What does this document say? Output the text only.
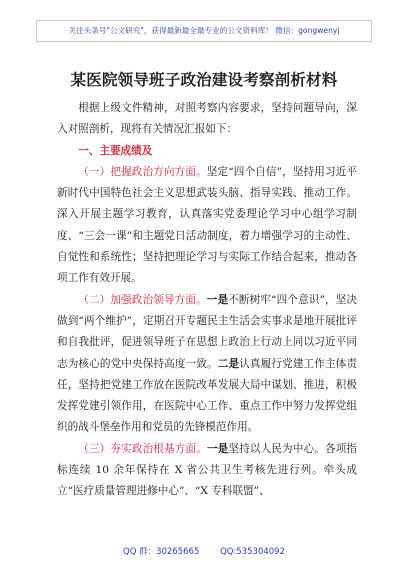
关注头条号"公文研究"，获得最新最全最专业的公文资料库！ 微信：gongwenyj
某医院领导班子政治建设考察剖析材料

根据上级文件精神，对照考察内容要求，坚持问题导向，深入对照剖析，现将有关情况汇报如下：

一、主要成绩及

（一）把握政治方向方面。坚定“四个自信”，坚持用习近平新时代中国特色社会主义思想武装头脑、指导实践、推动工作。深入开展主题学习教育，认真落实党委理论学习中心组学习制度、“三会一课”和主题党日活动制度，着力增强学习的主动性、自觉性和系统性；坚持把理论学习与实际工作结合起来，推动各项工作有效开展。

（二）加强政治领导方面。一是不断树牢“四个意识”，坚决做到“两个维护”，定期召开专题民主生活会实事求是地开展批评和自我批评，促进领导班子在思想上政治上行动上同以习近平同志为核心的党中央保持高度一致。二是认真履行党建工作主体责任，坚持把党建工作放在医院改革发展大局中谋划、推进，积极发挥党建引领作用，在医院中心工作、重点工作中努力发挥党组织的战斗堡垒作用和党员的先锋模范作用。

（三）夯实政治根基方面。一是坚持以人民为中心。各项指标连续 10 余年保持在 X 省公共卫生考核先进行列。牵头成立“医疗质量管理进修中心”、“X 专科联盟”、

QQ 群：30265665 QQ:535304092
